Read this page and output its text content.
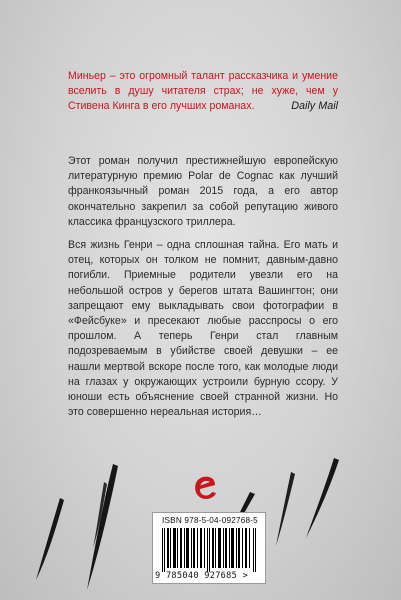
Миньер – это огромный талант рассказчика и умение вселить в душу читателя страх; не хуже, чем у Стивена Кинга в его лучших романах.	Daily Mail
Этот роман получил престижнейшую европейскую литературную премию Polar de Cognac как лучший франкоязычный роман 2015 года, а его автор окончательно закрепил за собой репутацию живого классика французского триллера.
Вся жизнь Генри – одна сплошная тайна. Его мать и отец, которых он толком не помнит, давным-давно погибли. Приемные родители увезли его на небольшой остров у берегов штата Вашингтон; они запрещают ему выкладывать свои фотографии в «Фейсбуке» и пресекают любые расспросы о его прошлом. А теперь Генри стал главным подозреваемым в убийстве своей девушки – ее нашли мертвой вскоре после того, как молодые люди на глазах у окружающих устроили бурную ссору. У юноши есть объяснение своей странной жизни. Но это совершенно нереальная история…
ISBN 978-5-04-092768-5
9 785040 927685 >
